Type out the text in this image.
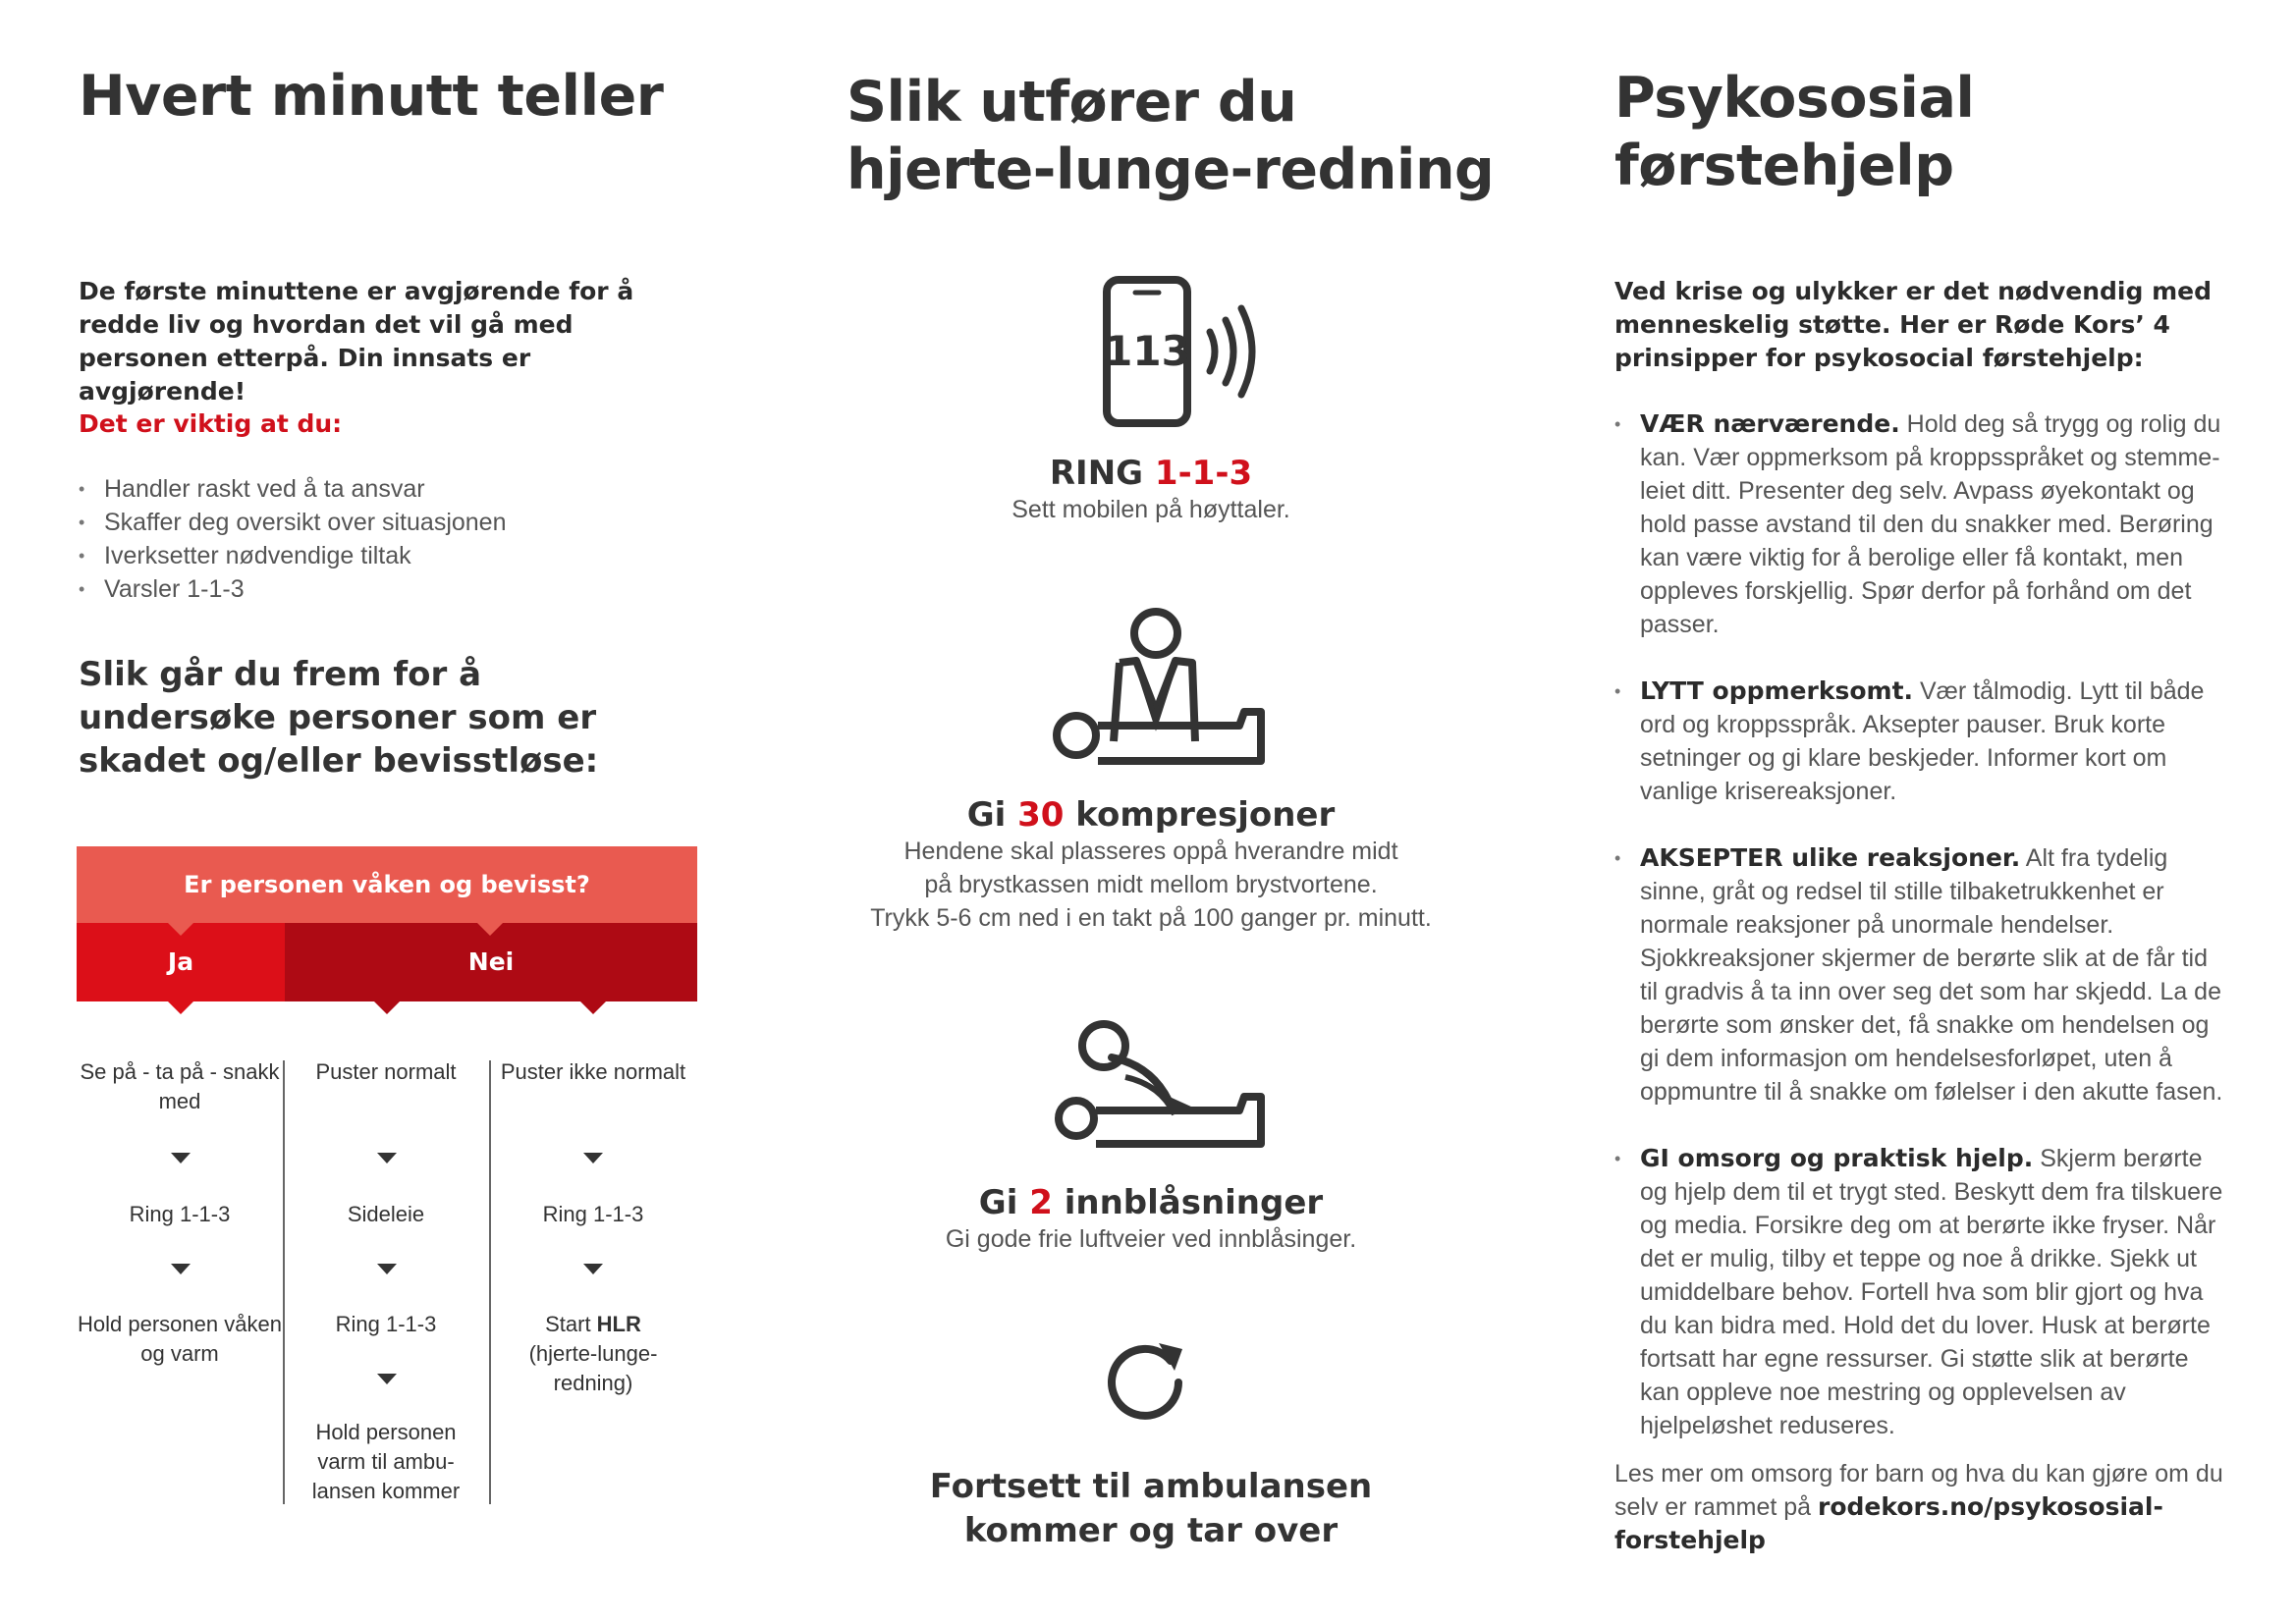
Hvert minutt teller

De første minuttene er avgjørende for å redde liv og hvordan det vil gå med personen etterpå. Din innsats er avgjørende!

Det er viktig at du:

• Handler raskt ved å ta ansvar
• Skaffer deg oversikt over situasjonen
• Iverksetter nødvendige tiltak
• Varsler 1-1-3
Slik går du frem for å undersøke personer som er skadet og/eller bevisstløse:
Er personen våken og bevisst?
Ja	Nei
Se på - ta på - snakk med
Ring 1-1-3
Hold personen våken og varm
Puster normalt
Sideleie
Ring 1-1-3
Hold personen varm til ambu-lansen kommer
Puster ikke normalt
Ring 1-1-3
Start HLR
(hjerte-lunge-redning)
Slik utfører du
hjerte-lunge-redning
113
RING 1-1-3
Sett mobilen på høyttaler.
Gi 30 kompresjoner
Hendene skal plasseres oppå hverandre midt
på brystkassen midt mellom brystvortene.
Trykk 5-6 cm ned i en takt på 100 ganger pr. minutt.
Gi 2 innblåsninger
Gi gode frie luftveier ved innblåsinger.
Fortsett til ambulansen
kommer og tar over
Psykososial
førstehjelp

Ved krise og ulykker er det nødvendig med menneskelig støtte. Her er Røde Kors’ 4 prinsipper for psykosocial førstehjelp:

• VÆR nærværende. Hold deg så trygg og rolig du kan. Vær oppmerksom på kroppsspråket og stemme-leiet ditt. Presenter deg selv. Avpass øyekontakt og hold passe avstand til den du snakker med. Berøring kan være viktig for å berolige eller få kontakt, men oppleves forskjellig. Spør derfor på forhånd om det passer.
• LYTT oppmerksomt. Vær tålmodig. Lytt til både ord og kroppsspråk. Aksepter pauser. Bruk korte setninger og gi klare beskjeder. Informer kort om vanlige krisereaksjoner.
• AKSEPTER ulike reaksjoner. Alt fra tydelig sinne, gråt og redsel til stille tilbaketrukkenhet er normale reaksjoner på unormale hendelser. Sjokkreaksjoner skjermer de berørte slik at de får tid til gradvis å ta inn over seg det som har skjedd. La de berørte som ønsker det, få snakke om hendelsen og gi dem informasjon om hendelsesforløpet, uten å oppmuntre til å snakke om følelser i den akutte fasen.
• GI omsorg og praktisk hjelp. Skjerm berørte og hjelp dem til et trygt sted. Beskytt dem fra tilskuere og media. Forsikre deg om at berørte ikke fryser. Når det er mulig, tilby et teppe og noe å drikke. Sjekk ut umiddelbare behov. Fortell hva som blir gjort og hva du kan bidra med. Hold det du lover. Husk at berørte fortsatt har egne ressurser. Gi støtte slik at berørte kan oppleve noe mestring og opplevelsen av hjelpeløshet reduseres.

Les mer om omsorg for barn og hva du kan gjøre om du selv er rammet på rodekors.no/psykososial-forstehjelp
